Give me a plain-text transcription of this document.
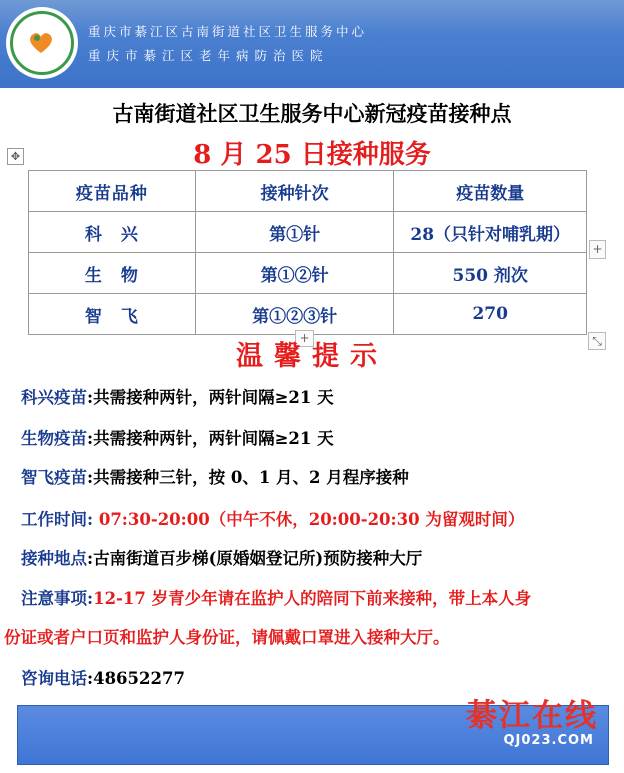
重庆市綦江区古南街道社区卫生服务中心
重庆市綦江区老年病防治医院
古南街道社区卫生服务中心新冠疫苗接种点
8 月 25 日接种服务
✥
疫苗品种	接种针次	疫苗数量
科　兴	第①针	28（只针对哺乳期）
生　物	第①②针	550 剂次
智　飞	第①②③针	270
+
+	⤡
温馨提示
科兴疫苗:共需接种两针，两针间隔≥21 天
生物疫苗:共需接种两针，两针间隔≥21 天
智飞疫苗:共需接种三针，按 0、1 月、2 月程序接种
工作时间: 07:30-20:00（中午不休，20:00-20:30 为留观时间）
接种地点:古南街道百步梯(原婚姻登记所)预防接种大厅
注意事项:12-17 岁青少年请在监护人的陪同下前来接种，带上本人身
份证或者户口页和监护人身份证，请佩戴口罩进入接种大厅。
咨询电话:48652277
綦江在线
QJ023.COM
